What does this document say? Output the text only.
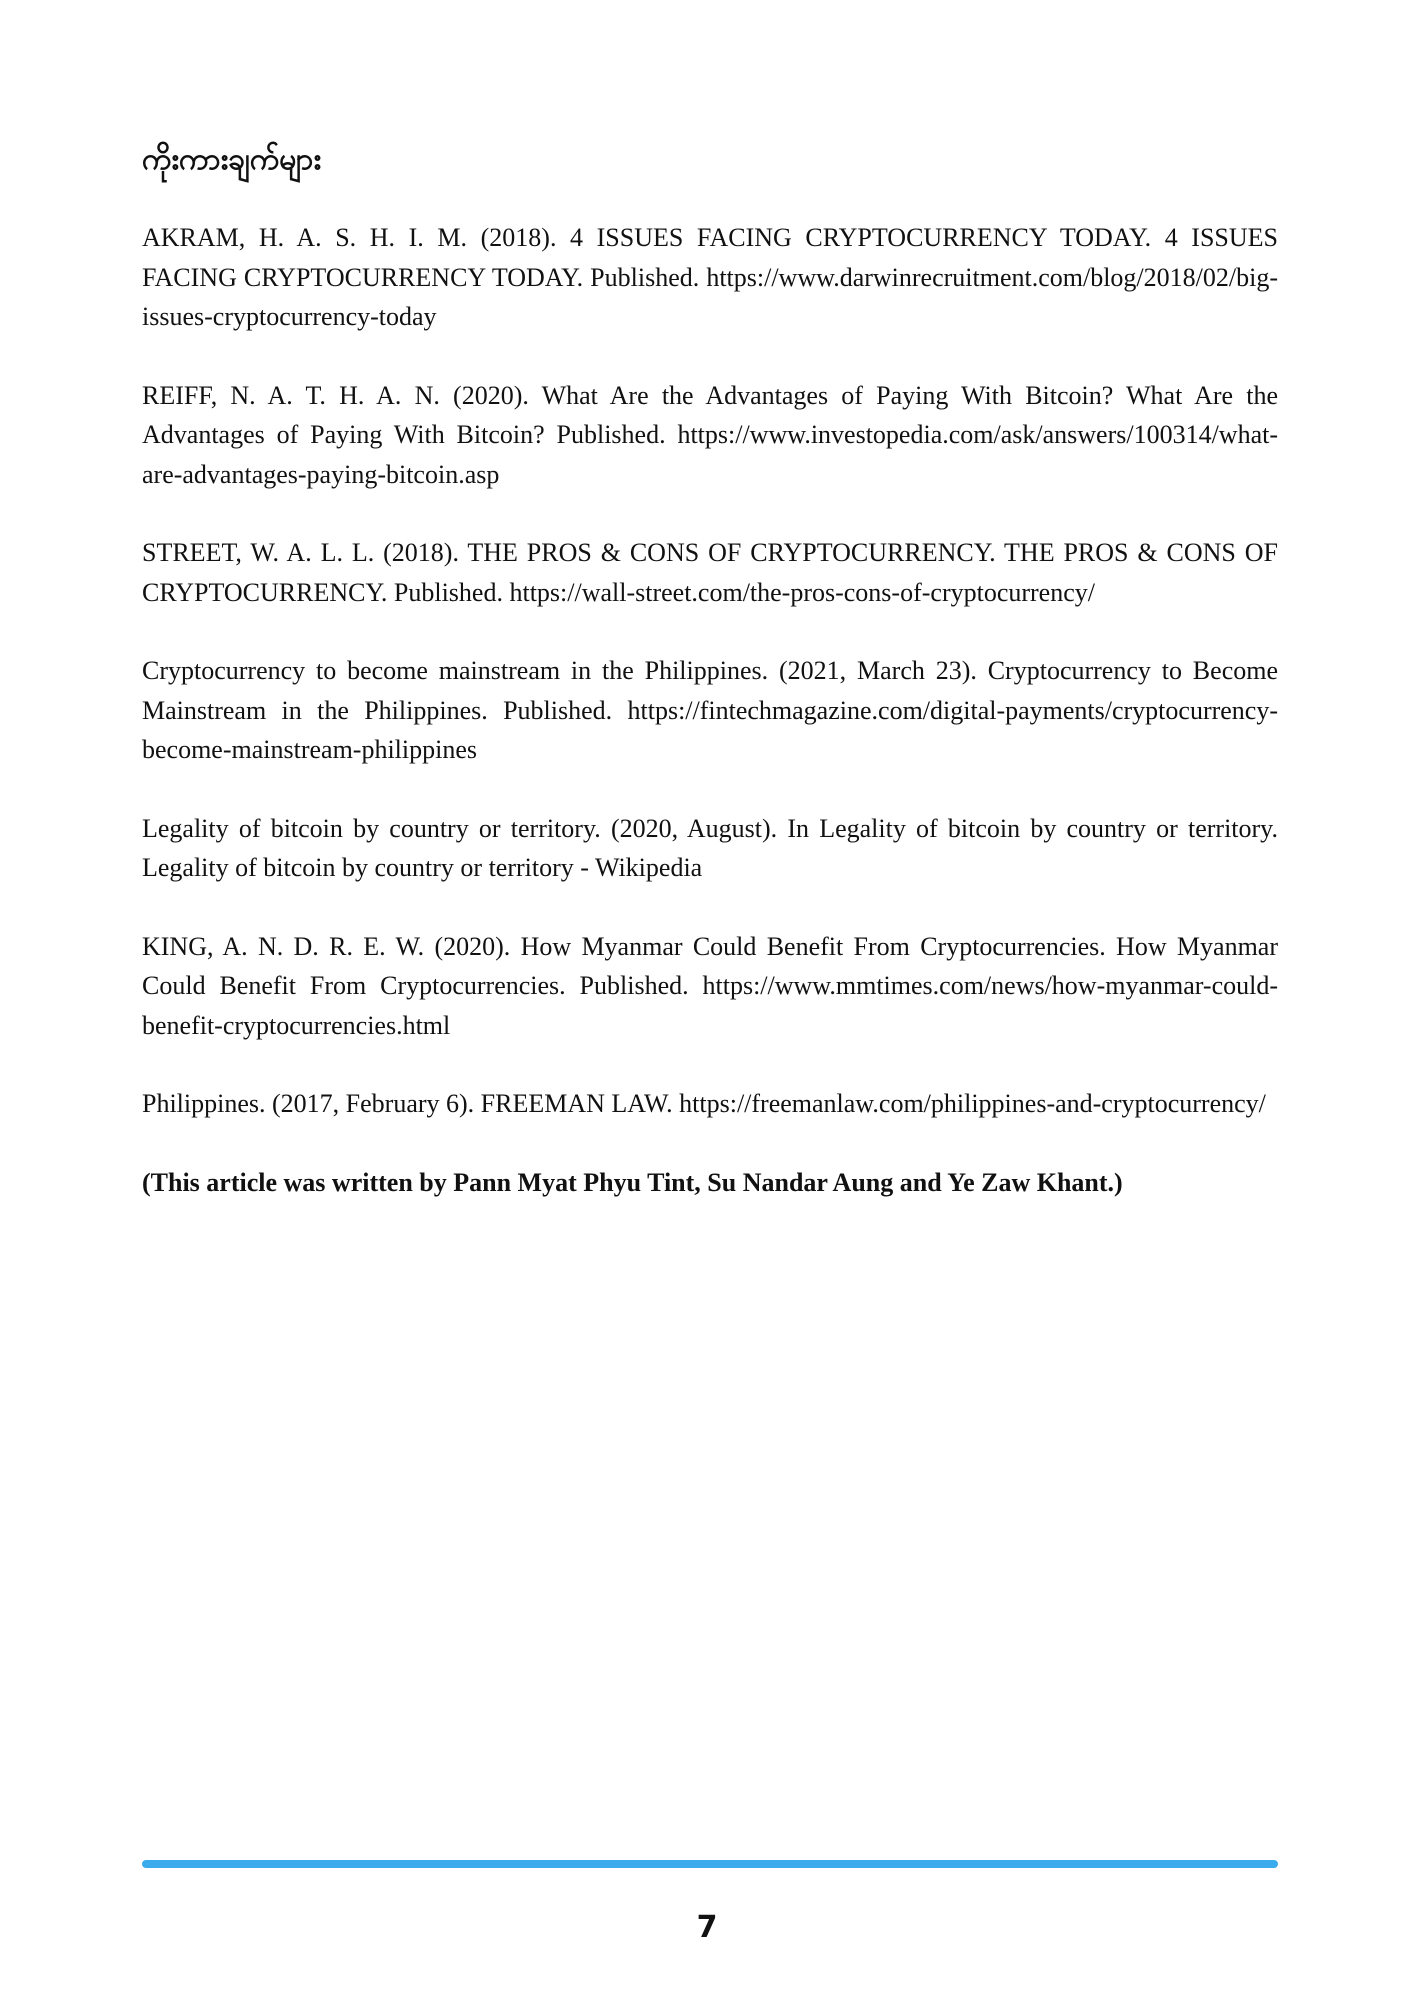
ကိုးကားချက်များ

AKRAM, H. A. S. H. I. M. (2018). 4 ISSUES FACING CRYPTOCURRENCY TODAY. 4 ISSUES FACING CRYPTOCURRENCY TODAY. Published. https://www.darwinrecruitment.com/blog/2018/02/big-issues-cryptocurrency-today

REIFF, N. A. T. H. A. N. (2020). What Are the Advantages of Paying With Bitcoin? What Are the Advantages of Paying With Bitcoin? Published. https://www.investopedia.com/ask/answers/100314/what-are-advantages-paying-bitcoin.asp

STREET, W. A. L. L. (2018). THE PROS & CONS OF CRYPTOCURRENCY. THE PROS & CONS OF CRYPTOCURRENCY. Published. https://wall-street.com/the-pros-cons-of-cryptocurrency/

Cryptocurrency to become mainstream in the Philippines. (2021, March 23). Cryptocurrency to Become Mainstream in the Philippines. Published. https://fintechmagazine.com/digital-payments/cryptocurrency-become-mainstream-philippines

Legality of bitcoin by country or territory. (2020, August). In Legality of bitcoin by country or territory. Legality of bitcoin by country or territory - Wikipedia

KING, A. N. D. R. E. W. (2020). How Myanmar Could Benefit From Cryptocurrencies. How Myanmar Could Benefit From Cryptocurrencies. Published. https://www.mmtimes.com/news/how-myanmar-could-benefit-cryptocurrencies.html

Philippines. (2017, February 6). FREEMAN LAW. https://freemanlaw.com/philippines-and-cryptocurrency/

(This article was written by Pann Myat Phyu Tint, Su Nandar Aung and Ye Zaw Khant.)

7
